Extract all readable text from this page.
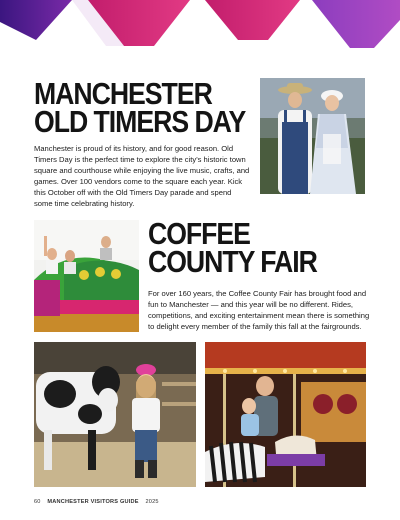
MANCHESTER
OLD TIMERS DAY

Manchester is proud of its history, and for good reason. Old Timers Day is the perfect time to explore the city's historic town square and courthouse while enjoying the live music, crafts, and games. Over 100 vendors come to the square each year. Kick this October off with the Old Timers Day parade and spend some time celebrating history.

COFFEE
COUNTY FAIR

For over 160 years, the Coffee County Fair has brought food and fun to Manchester — and this year will be no different. Rides, competitions, and exciting entertainment mean there is something to delight every member of the family this fall at the fairgrounds.

60 MANCHESTER VISITORS GUIDE 2025
